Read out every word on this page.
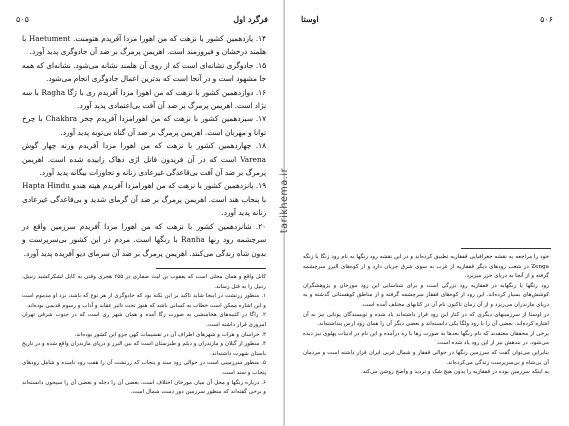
فرگرد اول
۵۰۵

۱۴. یازدهمین کشور با نزهت که من اهورا مزدا آفریدم هتومنت. Haetument با هلمند درخشان و فیروزمند است. اهریمن پرمرگ بر ضد آن جادوگری پدید آورد.

۱۵. جادوگری نشانه‌ای است که از روی آن هلمند نشانه می‌شود. نشانه‌ای که همه جا مشهود است و در آنجا است که بدترین اعمال جادوگری انجام می‌شود.

۱۶. دوازدهمین کشور با نزهت که من اهورا مزدا آفریدم ری با رَگا Ragha با سه نژاد است. اهریمن پرمرگ بر ضد آن آفت بی‌اعتمادی پدید آورد.

۱۷. سیزدهمین کشور با نزهت که من اهورامزدا آفریدم چخر Chakhra با چرخ توانا و مهربان است. اهریمن پرمرگ بر ضد آن گناه بی‌توبه پدید آورد.

۱۸. چهاردهمین کشور با نزهت که من اهورا مزدا آفریدم ورنه چهار گوش Varena است که در آن فریدون قاتل اژی دهاک زاییده شده است. اهریمن پرمرگ بر ضد آن آفت بی‌قاعدگی غیرعادی زنانه و تجاوزات بیگانه پدید آورد.

۱۹. پانزدهمین کشور با نزهت که من اهورامزدا آفریدم هپته هندو Hapta Hindu با پنجاب هند است. اهریمن پرمرگ بر ضد آن گرمای شدید و بی‌قاعدگی غیرعادی زنانه پدید آورد.

۲۰. شانزدهمین کشور با نزهت که من اهورا مزدا آفریدم سرزمین واقع در سرچشمه رود رنها Ranha با رنگها است. مردم در این کشور بی‌سرپرست و بدون شاه زندگی می‌کنند. اهریمن پرمرگ بر ضد آن سرمای دیو آفریده پدید آورد.

کابل واقع و همان محلی است که یعقوب بن لیث صفاری در ۲۵۵ هجری وقتی به کابل لشکرکشید زنبیل، رتبیل را به قتل رساند.

۱. منظور زرتشت در اینجا شاید تاکید بر این نکته بود که جادوگری از هر نوع که باشد، نزد او مذموم است و این اشاره ممکن است خطاب به کسانی باشد که هنوز تحت تاثیر عقاید و آداب و رسوم قدیمی بوده‌اند.

۲. راگا در کتیبه‌های هخامنشی به صورت رگا آمده و همان شهر ری است که در جنوب شرقی تهران امروزی قرار داشته است.

۳. خراسان و هرات و شهرهای اطراف آن در تقسیمات کهن جزو این کشور بوده‌اند.

۴. منظور از گیلان و مازندران و دیلم و طبرستان است که بین البرز و دریای مازندران واقع شده و در تاریخ باستان شهرت داشته‌اند.

۵. منظور سرزمینی است در حوالی رود سند و پنجاب که زرتشت آن را هفت رود نامیده و شامل رودهای پنجاب و سند است.

۶. درباره رنگها و محل آن میان مورخان اختلاف است. بعضی آن را دجله و بعضی آن را سیحون دانسته‌اند و برخی گفته‌اند که منظور سرزمین دور دست شمال است.

۵۰۶
اوستا

خود را مراجعه به نقشه جغرافیایی قفقازیه تطبیق کرده‌اند و در این نقشه رود رنگها به نام رود زنگا یا زنگه Zenga در شعب رودهای دیگر قفقازیه از غرب به سوی شرق جریان دارد و از کوه‌های البرز سرچشمه گرفته و از آنجا به دریای خزر میریزد.

رود رنگها یا رنگهایه در قفقازیه رود بزرگی است و برای شناسایی این رود مورخان و پژوهشگران کوشش‌های بسیار کرده‌اند. این رود از کوه‌های قفقاز سرچشمه گرفته و از مناطق کوهستانی گذشته و به دریای مازندران می‌ریزد و از آن زمان تاکنون نام آن در کتابهای مختلف آمده است.

در اوستا از سرزمینهای دیگری که در کنار این رود قرار داشته‌اند یاد شده و نویسندگان یونانی نیز به آن اشاره کرده‌اند. بعضی آن را با رود ولگا یکی دانسته‌اند و بعضی دیگر آن را همان رود ارس پنداشته‌اند.

برخی از محققان معتقدند که نام رنگها بعدها به صورت رها یا ره درآمده و این نام در ادبیات پهلوی نیز دیده می‌شود. در بندهش نیز از این رود یاد شده است.

بنابراین می‌توان گفت که سرزمین رنگها در حوالی قفقاز و شمال غربی ایران قرار داشته است و مردمان آن بی‌شاه و بی‌سرپرست زندگی می‌کرده‌اند.

به اینکه سرزمین بوده در قفقازیه را بدون هیچ شک و تردید و واضح روشن می‌کند.

tarikhema.ir
